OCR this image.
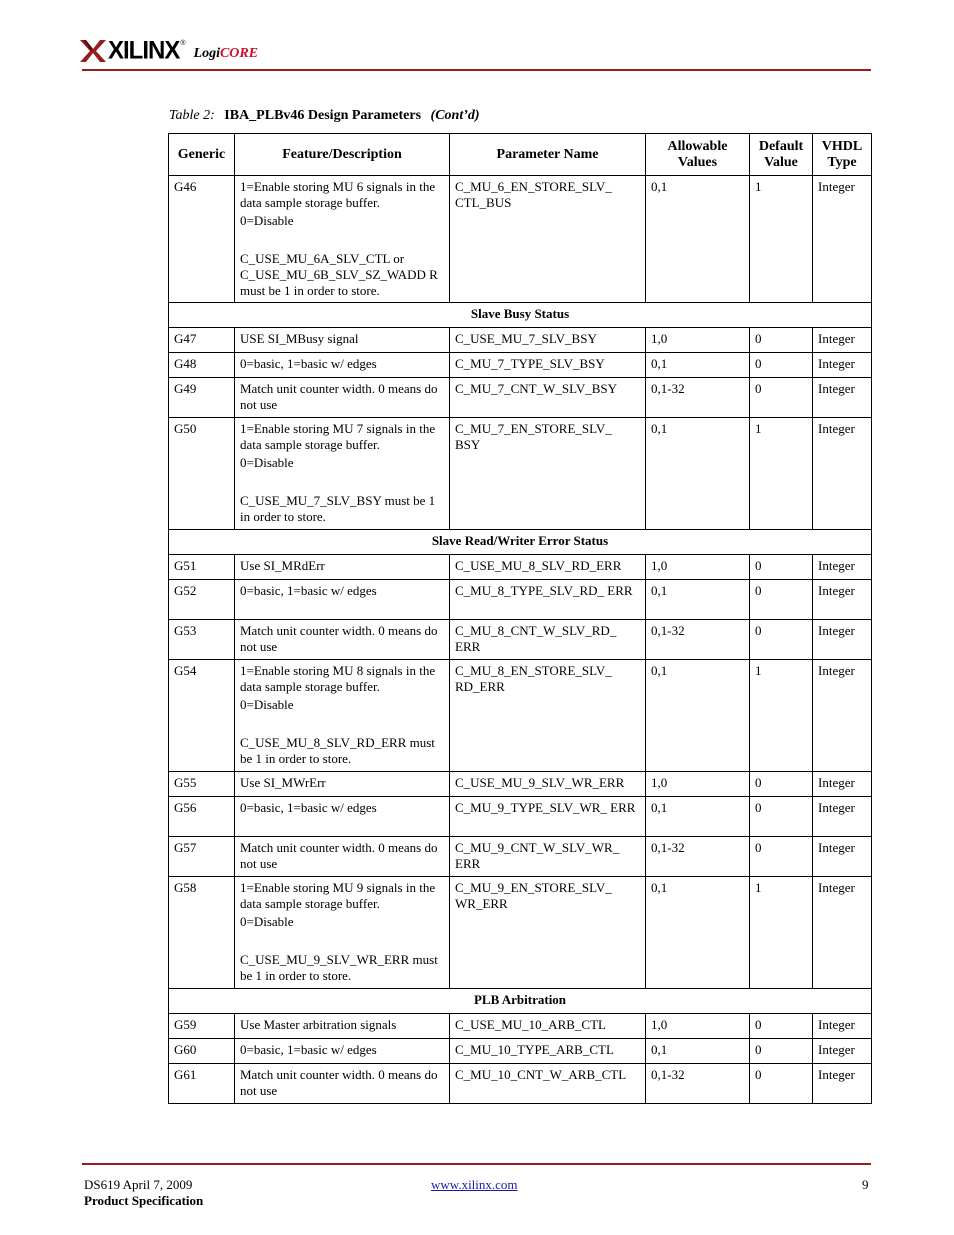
XILINX ®
LogiCORE
Table 2: IBA_PLBv46 Design Parameters (Cont’d)
Generic	Feature/Description	Parameter Name	Allowable Values	Default Value	VHDL Type
G46	1=Enable storing MU 6 signals in the data sample storage buffer.
0=Disable
C_USE_MU_6A_SLV_CTL or C_USE_MU_6B_SLV_SZ_WADD R must be 1 in order to store.	C_MU_6_EN_STORE_SLV_ CTL_BUS	0,1	1	Integer
Slave Busy Status					
G47	USE SI_MBusy signal	C_USE_MU_7_SLV_BSY	1,0	0	Integer
G48	0=basic, 1=basic w/ edges	C_MU_7_TYPE_SLV_BSY	0,1	0	Integer
G49	Match unit counter width. 0 means do not use	C_MU_7_CNT_W_SLV_BSY	0,1-32	0	Integer
G50	1=Enable storing MU 7 signals in the data sample storage buffer.
0=Disable
C_USE_MU_7_SLV_BSY must be 1 in order to store.	C_MU_7_EN_STORE_SLV_ BSY	0,1	1	Integer
Slave Read/Writer Error Status					
G51	Use SI_MRdErr	C_USE_MU_8_SLV_RD_ERR	1,0	0	Integer
G52	0=basic, 1=basic w/ edges	C_MU_8_TYPE_SLV_RD_ ERR	0,1	0	Integer
G53	Match unit counter width. 0 means do not use	C_MU_8_CNT_W_SLV_RD_ ERR	0,1-32	0	Integer
G54	1=Enable storing MU 8 signals in the data sample storage buffer.
0=Disable
C_USE_MU_8_SLV_RD_ERR must be 1 in order to store.	C_MU_8_EN_STORE_SLV_ RD_ERR	0,1	1	Integer
G55	Use SI_MWrErr	C_USE_MU_9_SLV_WR_ERR	1,0	0	Integer
G56	0=basic, 1=basic w/ edges	C_MU_9_TYPE_SLV_WR_ ERR	0,1	0	Integer
G57	Match unit counter width. 0 means do not use	C_MU_9_CNT_W_SLV_WR_ ERR	0,1-32	0	Integer
G58	1=Enable storing MU 9 signals in the data sample storage buffer.
0=Disable
C_USE_MU_9_SLV_WR_ERR must be 1 in order to store.	C_MU_9_EN_STORE_SLV_ WR_ERR	0,1	1	Integer
PLB Arbitration					
G59	Use Master arbitration signals	C_USE_MU_10_ARB_CTL	1,0	0	Integer
G60	0=basic, 1=basic w/ edges	C_MU_10_TYPE_ARB_CTL	0,1	0	Integer
G61	Match unit counter width. 0 means do not use	C_MU_10_CNT_W_ARB_CTL	0,1-32	0	Integer
DS619 April 7, 2009
Product Specification
www.xilinx.com	9
